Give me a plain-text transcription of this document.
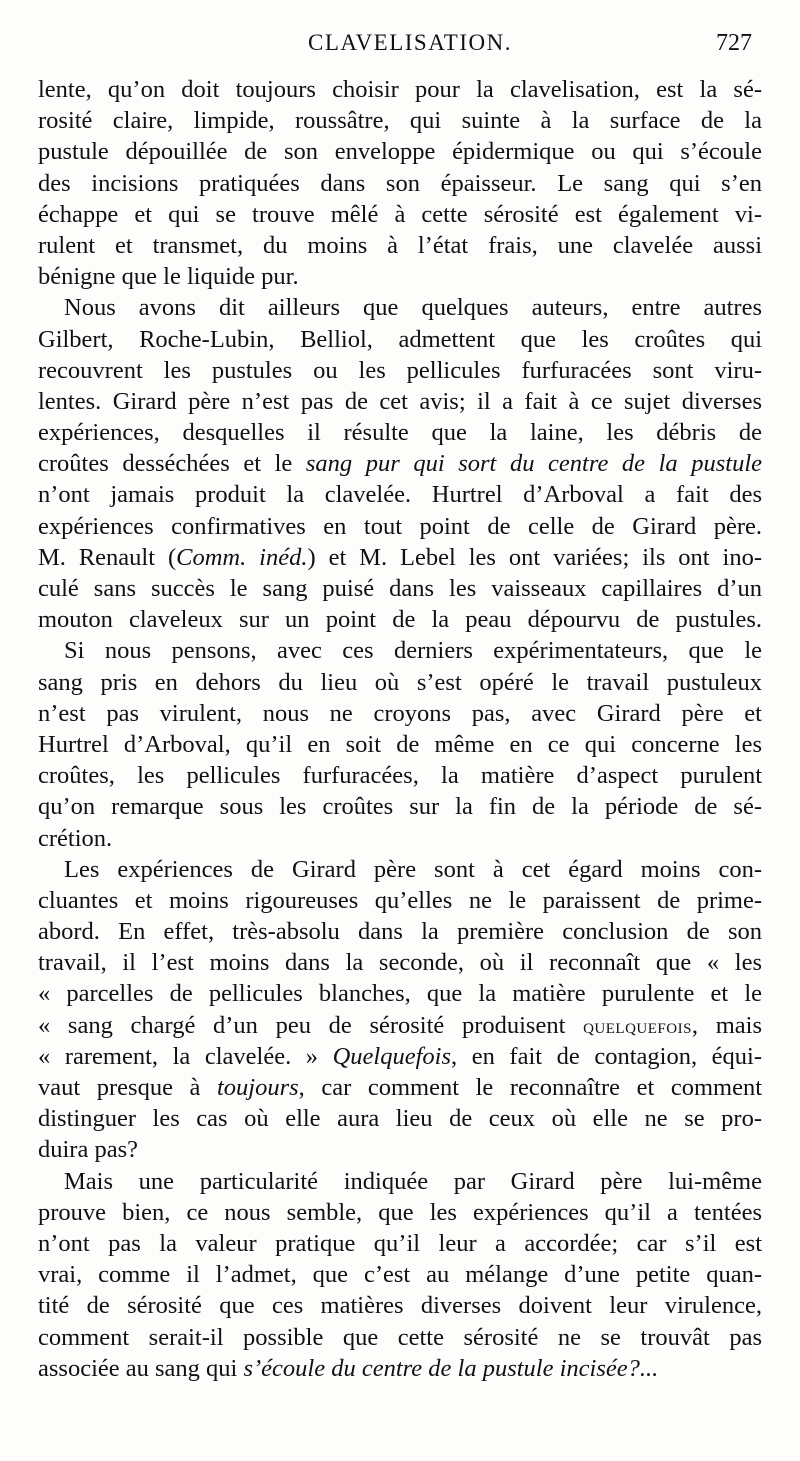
CLAVELISATION.	727
lente, qu’on doit toujours choisir pour la clavelisation, est la sé-
rosité claire, limpide, roussâtre, qui suinte à la surface de la
pustule dépouillée de son enveloppe épidermique ou qui s’écoule
des incisions pratiquées dans son épaisseur. Le sang qui s’en
échappe et qui se trouve mêlé à cette sérosité est également vi-
rulent et transmet, du moins à l’état frais, une clavelée aussi
bénigne que le liquide pur.
Nous avons dit ailleurs que quelques auteurs, entre autres
Gilbert, Roche-Lubin, Belliol, admettent que les croûtes qui
recouvrent les pustules ou les pellicules furfuracées sont viru-
lentes. Girard père n’est pas de cet avis; il a fait à ce sujet diverses
expériences, desquelles il résulte que la laine, les débris de
croûtes desséchées et le sang pur qui sort du centre de la pustule
n’ont jamais produit la clavelée. Hurtrel d’Arboval a fait des
expériences confirmatives en tout point de celle de Girard père.
M. Renault (Comm. inéd.) et M. Lebel les ont variées; ils ont ino-
culé sans succès le sang puisé dans les vaisseaux capillaires d’un
mouton claveleux sur un point de la peau dépourvu de pustules.
Si nous pensons, avec ces derniers expérimentateurs, que le
sang pris en dehors du lieu où s’est opéré le travail pustuleux
n’est pas virulent, nous ne croyons pas, avec Girard père et
Hurtrel d’Arboval, qu’il en soit de même en ce qui concerne les
croûtes, les pellicules furfuracées, la matière d’aspect purulent
qu’on remarque sous les croûtes sur la fin de la période de sé-
crétion.
Les expériences de Girard père sont à cet égard moins con-
cluantes et moins rigoureuses qu’elles ne le paraissent de prime-
abord. En effet, très-absolu dans la première conclusion de son
travail, il l’est moins dans la seconde, où il reconnaît que « les
« parcelles de pellicules blanches, que la matière purulente et le
« sang chargé d’un peu de sérosité produisent quelquefois, mais
« rarement, la clavelée. » Quelquefois, en fait de contagion, équi-
vaut presque à toujours, car comment le reconnaître et comment
distinguer les cas où elle aura lieu de ceux où elle ne se pro-
duira pas?
Mais une particularité indiquée par Girard père lui-même
prouve bien, ce nous semble, que les expériences qu’il a tentées
n’ont pas la valeur pratique qu’il leur a accordée; car s’il est
vrai, comme il l’admet, que c’est au mélange d’une petite quan-
tité de sérosité que ces matières diverses doivent leur virulence,
comment serait-il possible que cette sérosité ne se trouvât pas
associée au sang qui s’écoule du centre de la pustule incisée?...
